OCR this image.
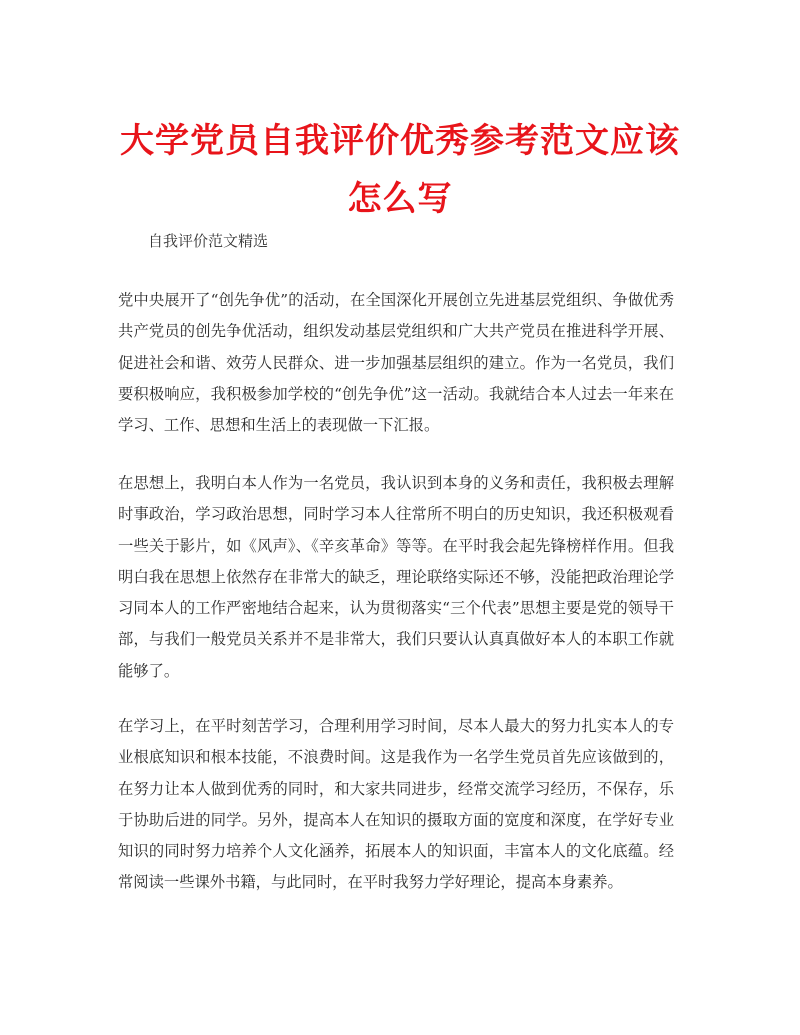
大学党员自我评价优秀参考范文应该怎么写

自我评价范文精选

党中央展开了“创先争优”的活动，在全国深化开展创立先进基层党组织、争做优秀共产党员的创先争优活动，组织发动基层党组织和广大共产党员在推进科学开展、促进社会和谐、效劳人民群众、进一步加强基层组织的建立。作为一名党员，我们要积极响应，我积极参加学校的“创先争优”这一活动。我就结合本人过去一年来在学习、工作、思想和生活上的表现做一下汇报。

在思想上，我明白本人作为一名党员，我认识到本身的义务和责任，我积极去理解时事政治，学习政治思想，同时学习本人往常所不明白的历史知识，我还积极观看一些关于影片，如《风声》、《辛亥革命》等等。在平时我会起先锋榜样作用。但我明白我在思想上依然存在非常大的缺乏，理论联络实际还不够，没能把政治理论学习同本人的工作严密地结合起来，认为贯彻落实“三个代表”思想主要是党的领导干部，与我们一般党员关系并不是非常大，我们只要认认真真做好本人的本职工作就能够了。

在学习上，在平时刻苦学习，合理利用学习时间，尽本人最大的努力扎实本人的专业根底知识和根本技能，不浪费时间。这是我作为一名学生党员首先应该做到的，在努力让本人做到优秀的同时，和大家共同进步，经常交流学习经历，不保存，乐于协助后进的同学。另外，提高本人在知识的摄取方面的宽度和深度，在学好专业知识的同时努力培养个人文化涵养，拓展本人的知识面，丰富本人的文化底蕴。经常阅读一些课外书籍，与此同时，在平时我努力学好理论，提高本身素养。
